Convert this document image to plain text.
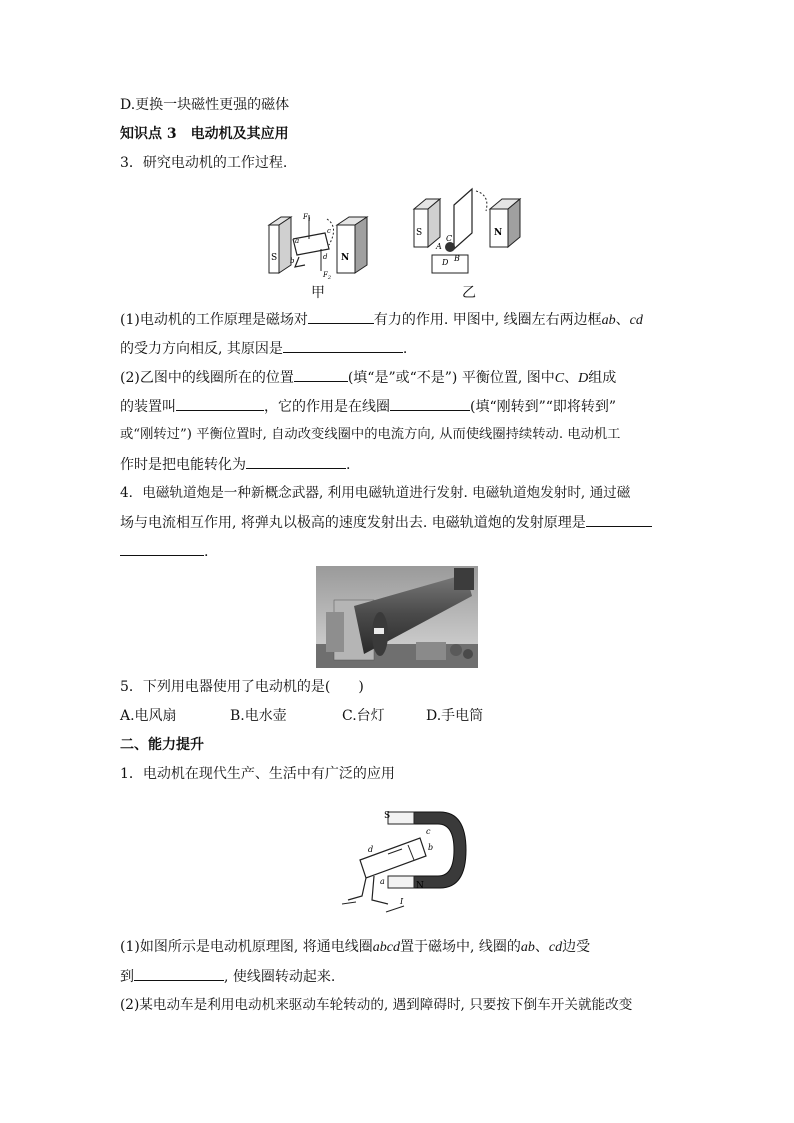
D.更换一块磁性更强的磁体
知识点 3　电动机及其应用
3．研究电动机的工作过程.
S	N
a
b
c
d
$F_1$
$F_2$
甲
S	N
A
B
C
D
乙
(1)电动机的工作原理是磁场对	有力的作用. 甲图中, 线圈左右两边框ab、cd
的受力方向相反, 其原因是	.
(2)乙图中的线圈所在的位置	(填“是”或“不是”) 平衡位置, 图中C、D组成
的装置叫	，它的作用是在线圈	(填“刚转到”“即将转到”
或“刚转过”) 平衡位置时, 自动改变线圈中的电流方向, 从而使线圈持续转动. 电动机工
作时是把电能转化为	.
4．电磁轨道炮是一种新概念武器, 利用电磁轨道进行发射. 电磁轨道炮发射时, 通过磁
场与电流相互作用, 将弹丸以极高的速度发射出去. 电磁轨道炮的发射原理是
.
5．下列用电器使用了电动机的是(　　)
A.电风扇	B.电水壶	C.台灯	D.手电筒
二、能力提升
1．电动机在现代生产、生活中有广泛的应用
S
N
a
b
c
d
I
(1)如图所示是电动机原理图, 将通电线圈abcd置于磁场中, 线圈的ab、cd边受
到	, 使线圈转动起来.
(2)某电动车是利用电动机来驱动车轮转动的, 遇到障碍时, 只要按下倒车开关就能改变
